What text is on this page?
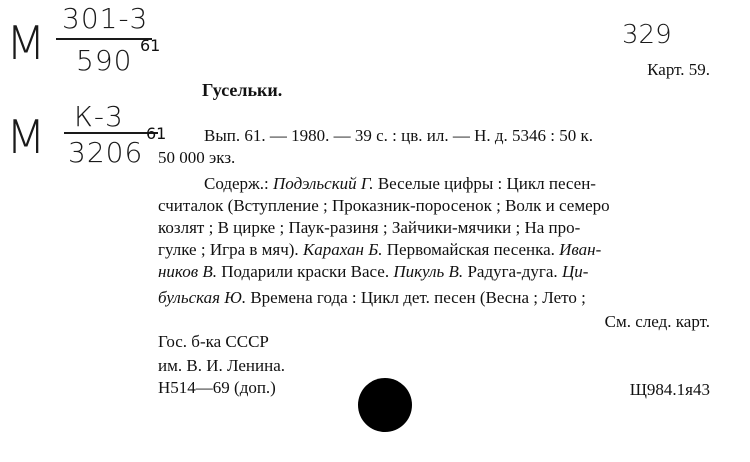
М 301-3
590 61
М К-3
3206
61
329
Карт. 59.
Гусельки.
Вып. 61. — 1980. — 39 с. : цв. ил. — Н. д. 5346 : 50 к.
50 000 экз.
Содерж.: Подэльский Г. Веселые цифры : Цикл песен-
считалок (Вступление ; Проказник-поросенок ; Волк и семеро
козлят ; В цирке ; Паук-разиня ; Зайчики-мячики ; На про-
гулке ; Игра в мяч). Карахан Б. Первомайская песенка. Иван-
ников В. Подарили краски Васе. Пикуль В. Радуга-дуга. Ци-
бульская Ю. Времена года : Цикл дет. песен (Весна ; Лето ;
См. след. карт.
Гос. б-ка СССР
им. В. И. Ленина.
Н514—69 (доп.)	Щ984.1я43
